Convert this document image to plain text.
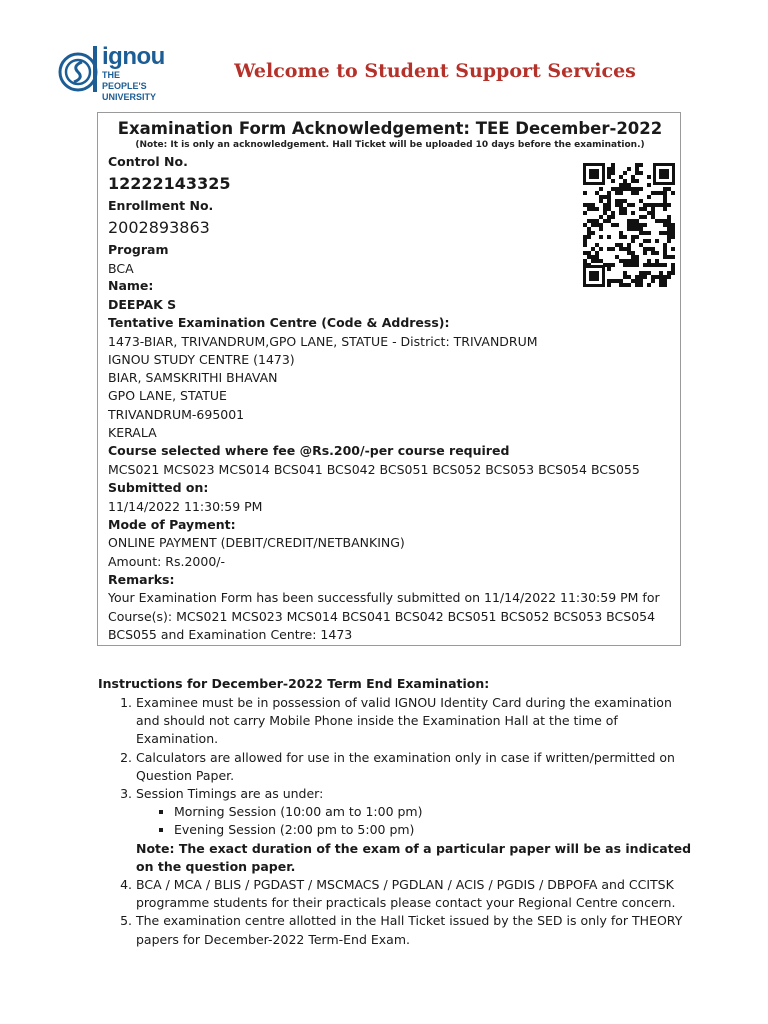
ignou
THE PEOPLE'S
UNIVERSITY
Welcome to Student Support Services
Examination Form Acknowledgement: TEE December-2022
(Note: It is only an acknowledgement. Hall Ticket will be uploaded 10 days before the examination.)
Control No.
12222143325
Enrollment No.
2002893863
Program
BCA
Name:
DEEPAK S
Tentative Examination Centre (Code & Address):
1473-BIAR, TRIVANDRUM,GPO LANE, STATUE - District: TRIVANDRUM
IGNOU STUDY CENTRE (1473)
BIAR, SAMSKRITHI BHAVAN
GPO LANE, STATUE
TRIVANDRUM-695001
KERALA
Course selected where fee @Rs.200/-per course required
MCS021 MCS023 MCS014 BCS041 BCS042 BCS051 BCS052 BCS053 BCS054 BCS055
Submitted on:
11/14/2022 11:30:59 PM
Mode of Payment:
ONLINE PAYMENT (DEBIT/CREDIT/NETBANKING)
Amount: Rs.2000/-
Remarks:
Your Examination Form has been successfully submitted on 11/14/2022 11:30:59 PM for
Course(s): MCS021 MCS023 MCS014 BCS041 BCS042 BCS051 BCS052 BCS053 BCS054
BCS055 and Examination Centre: 1473
Instructions for December-2022 Term End Examination:
1. Examinee must be in possession of valid IGNOU Identity Card during the examination and should not carry Mobile Phone inside the Examination Hall at the time of Examination.
2. Calculators are allowed for use in the examination only in case if written/permitted on Question Paper.
3. Session Timings are as under:
▪ Morning Session (10:00 am to 1:00 pm)
▪ Evening Session (2:00 pm to 5:00 pm)

Note: The exact duration of the exam of a particular paper will be as indicated on the question paper.

4. BCA / MCA / BLIS / PGDAST / MSCMACS / PGDLAN / ACIS / PGDIS / DBPOFA and CCITSK programme students for their practicals please contact your Regional Centre concern.
5. The examination centre allotted in the Hall Ticket issued by the SED is only for THEORY papers for December-2022 Term-End Exam.
